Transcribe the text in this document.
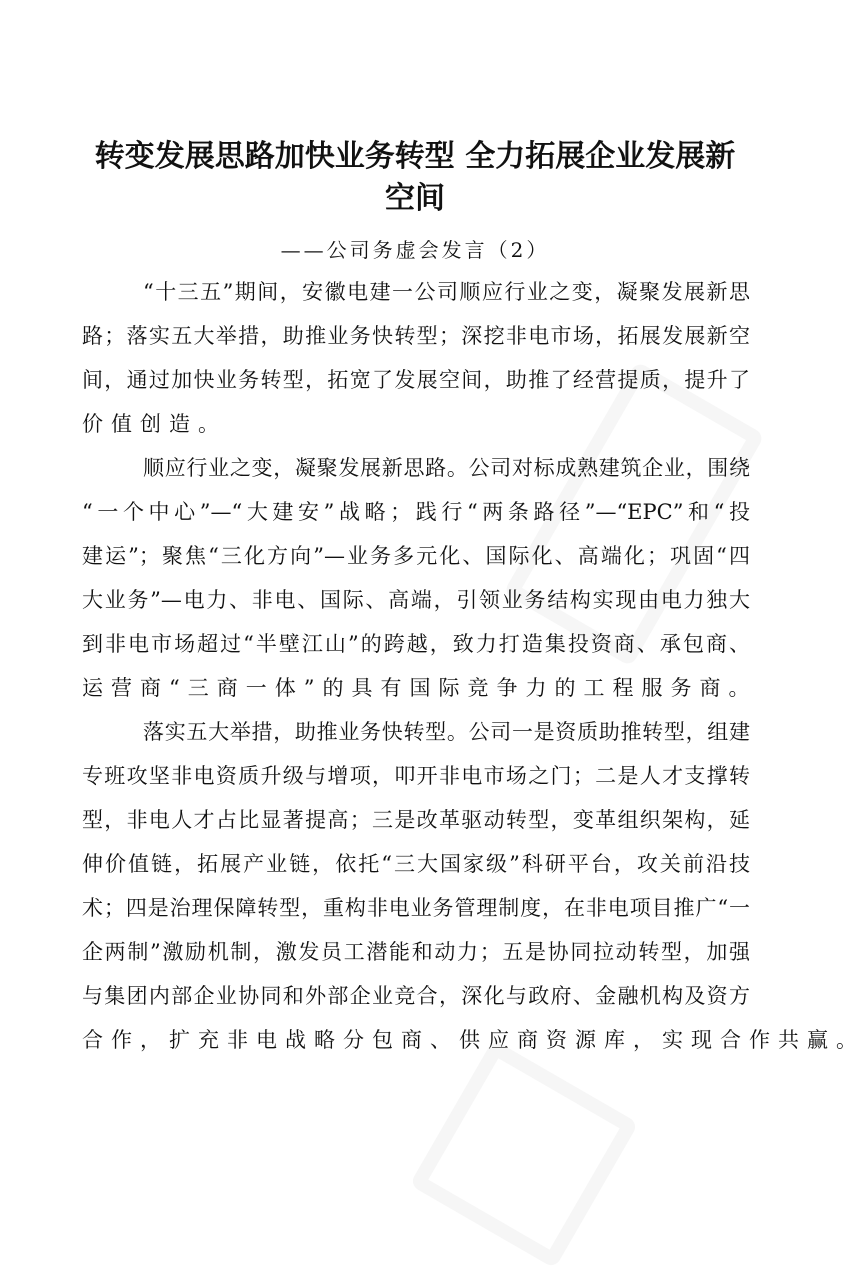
转变发展思路加快业务转型 全力拓展企业发展新
空间
——公司务虚会发言（2）
“十三五”期间，安徽电建一公司顺应行业之变，凝聚发展新思
路；落实五大举措，助推业务快转型；深挖非电市场，拓展发展新空
间，通过加快业务转型，拓宽了发展空间，助推了经营提质，提升了
价值创造。
顺应行业之变，凝聚发展新思路。公司对标成熟建筑企业，围绕
“一个中心”—“大建安”战略；践行“两条路径”—“EPC”和“投
建运”；聚焦“三化方向”—业务多元化、国际化、高端化；巩固“四
大业务”—电力、非电、国际、高端，引领业务结构实现由电力独大
到非电市场超过“半壁江山”的跨越，致力打造集投资商、承包商、
运营商“三商一体”的具有国际竞争力的工程服务商。
落实五大举措，助推业务快转型。公司一是资质助推转型，组建
专班攻坚非电资质升级与增项，叩开非电市场之门；二是人才支撑转
型，非电人才占比显著提高；三是改革驱动转型，变革组织架构，延
伸价值链，拓展产业链，依托“三大国家级”科研平台，攻关前沿技
术；四是治理保障转型，重构非电业务管理制度，在非电项目推广“一
企两制”激励机制，激发员工潜能和动力；五是协同拉动转型，加强
与集团内部企业协同和外部企业竞合，深化与政府、金融机构及资方
合作，扩充非电战略分包商、供应商资源库，实现合作共赢。
